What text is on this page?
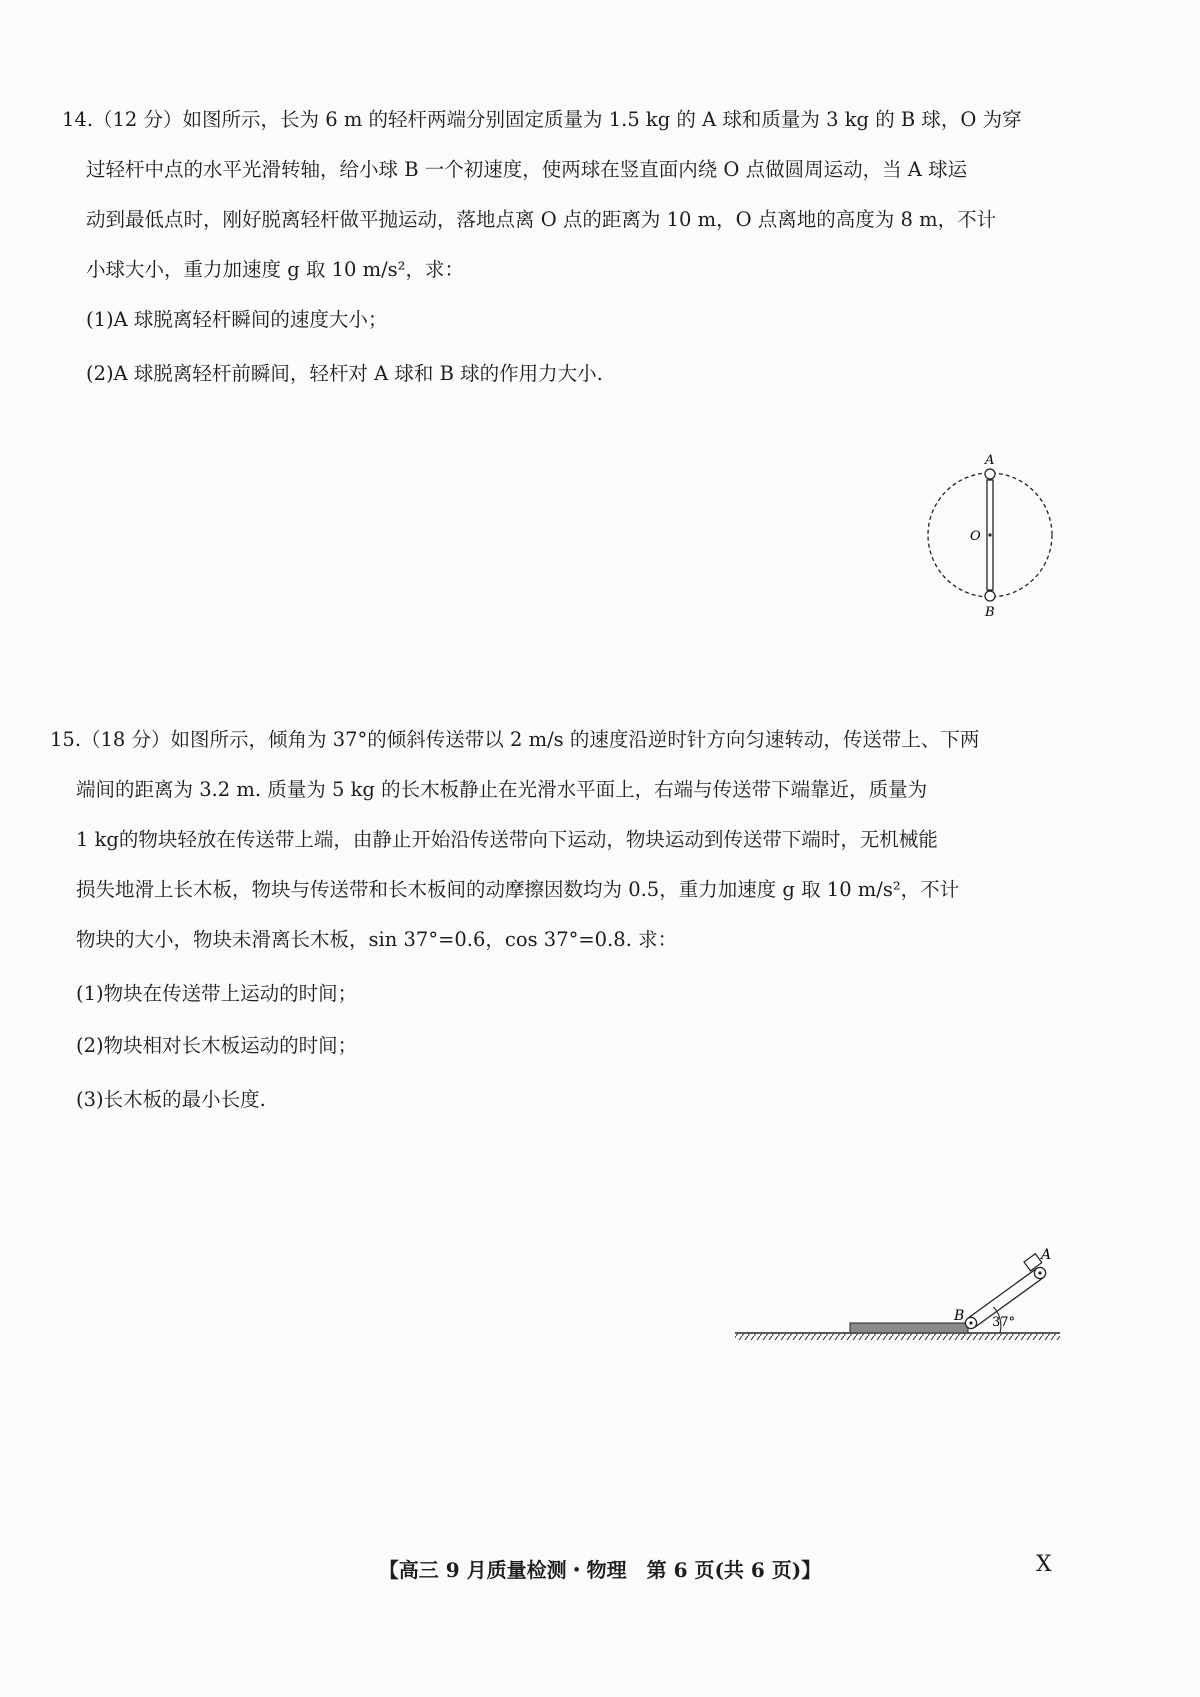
14.（12 分）如图所示，长为 6 m 的轻杆两端分别固定质量为 1.5 kg 的 A 球和质量为 3 kg 的 B 球，O 为穿
过轻杆中点的水平光滑转轴，给小球 B 一个初速度，使两球在竖直面内绕 O 点做圆周运动，当 A 球运
动到最低点时，刚好脱离轻杆做平抛运动，落地点离 O 点的距离为 10 m，O 点离地的高度为 8 m，不计
小球大小，重力加速度 g 取 10 m/s²，求：
(1)A 球脱离轻杆瞬间的速度大小；
(2)A 球脱离轻杆前瞬间，轻杆对 A 球和 B 球的作用力大小.
A
O
B
15.（18 分）如图所示，倾角为 37°的倾斜传送带以 2 m/s 的速度沿逆时针方向匀速转动，传送带上、下两
端间的距离为 3.2 m. 质量为 5 kg 的长木板静止在光滑水平面上，右端与传送带下端靠近，质量为
1 kg的物块轻放在传送带上端，由静止开始沿传送带向下运动，物块运动到传送带下端时，无机械能
损失地滑上长木板，物块与传送带和长木板间的动摩擦因数均为 0.5，重力加速度 g 取 10 m/s²，不计
物块的大小，物块未滑离长木板，sin 37°=0.6，cos 37°=0.8. 求：
(1)物块在传送带上运动的时间；
(2)物块相对长木板运动的时间；
(3)长木板的最小长度.
37°
A
B
【高三 9 月质量检测・物理　第 6 页(共 6 页)】	X
